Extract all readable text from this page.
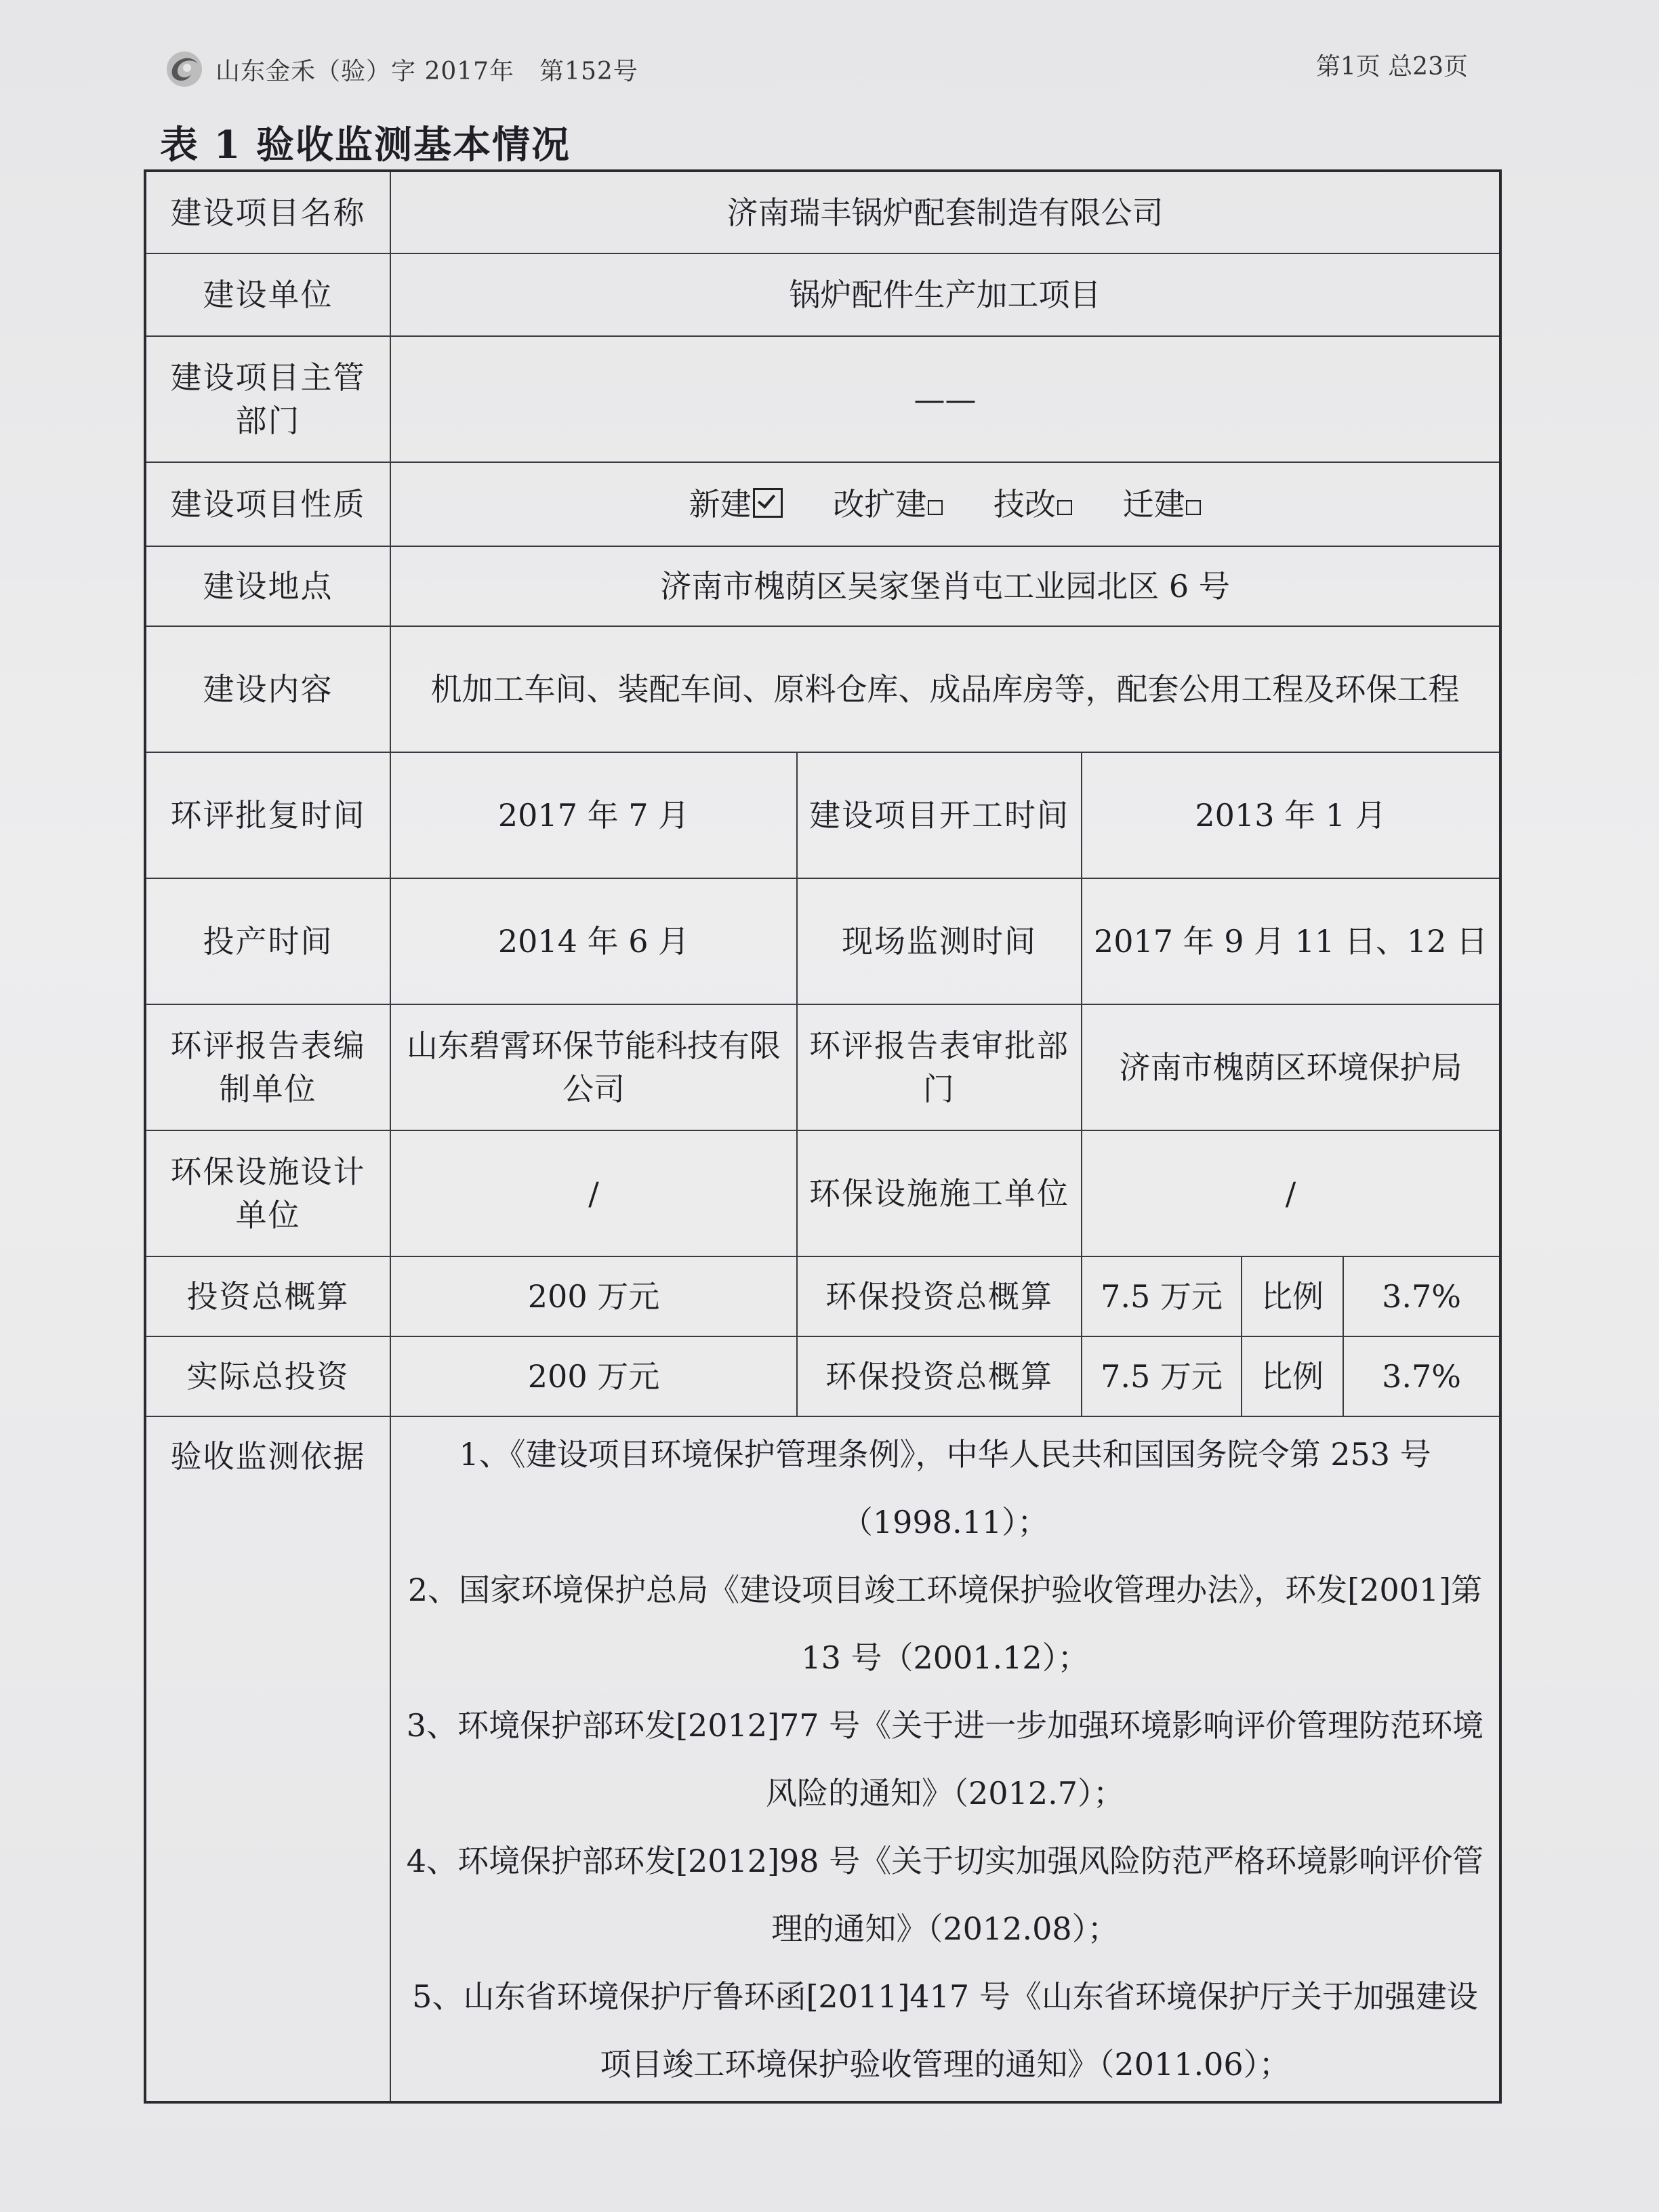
山东金禾（验）字 2017年　第152号	第1页 总23页
表 1 验收监测基本情况
建设项目名称	济南瑞丰锅炉配套制造有限公司				
建设单位	锅炉配件生产加工项目				
建设项目主管部门	——				
建设项目性质	新建 改扩建 技改 迁建				
建设地点	济南市槐荫区吴家堡肖屯工业园北区 6 号				
建设内容	机加工车间、装配车间、原料仓库、成品库房等，配套公用工程及环保工程				
环评批复时间	2017 年 7 月	建设项目开工时间	2013 年 1 月		
投产时间	2014 年 6 月	现场监测时间	2017 年 9 月 11 日、12 日		
环评报告表编制单位	山东碧霄环保节能科技有限公司	环评报告表审批部门	济南市槐荫区环境保护局		
环保设施设计单位	/	环保设施施工单位	/		
投资总概算	200 万元	环保投资总概算	7.5 万元	比例	3.7%
实际总投资	200 万元	环保投资总概算	7.5 万元	比例	3.7%
验收监测依据	1、《建设项目环境保护管理条例》，中华人民共和国国务院令第 253 号（1998.11）；
2、国家环境保护总局《建设项目竣工环境保护验收管理办法》，环发[2001]第 13 号（2001.12）；
3、环境保护部环发[2012]77 号《关于进一步加强环境影响评价管理防范环境风险的通知》（2012.7）；
4、环境保护部环发[2012]98 号《关于切实加强风险防范严格环境影响评价管理的通知》（2012.08）；
5、山东省环境保护厅鲁环函[2011]417 号《山东省环境保护厅关于加强建设项目竣工环境保护验收管理的通知》（2011.06）；				
